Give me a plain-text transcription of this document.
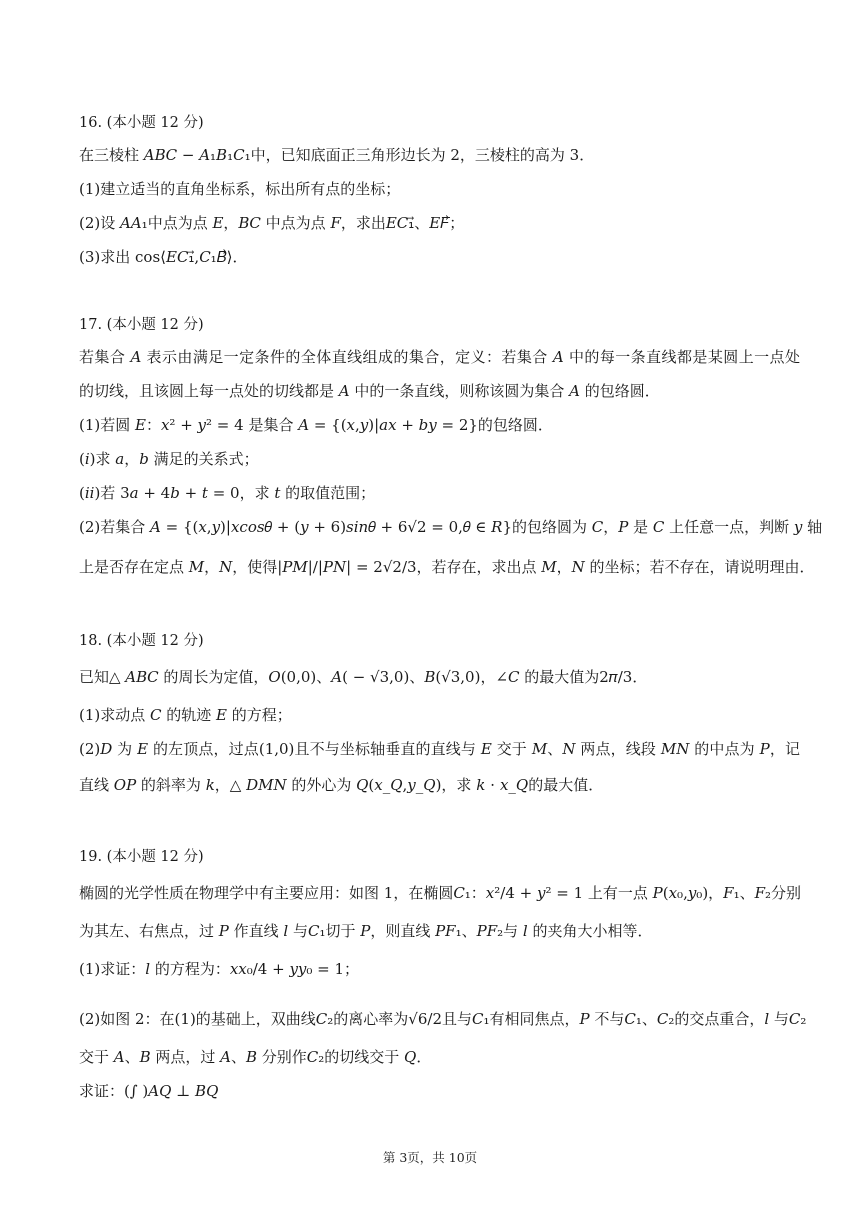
16. (本小题 12 分)
在三棱柱 𝐴𝐵𝐶 − 𝐴₁𝐵₁𝐶₁中，已知底面正三角形边长为 2，三棱柱的高为 3．
(1)建立适当的直角坐标系，标出所有点的坐标；
(2)设 𝐴𝐴₁中点为点 𝐸，𝐵𝐶 中点为点 𝐹，求出𝐸𝐶₁⃗、𝐸𝐹⃗；
(3)求出 cos⟨𝐸𝐶₁⃗,𝐶₁𝐵⃗⟩．
17. (本小题 12 分)
若集合 𝐴 表示由满足一定条件的全体直线组成的集合，定义：若集合 𝐴 中的每一条直线都是某圆上一点处
的切线，且该圆上每一点处的切线都是 𝐴 中的一条直线，则称该圆为集合 𝐴 的包络圆．
(1)若圆 𝐸：𝑥² + 𝑦² = 4 是集合 𝐴 = {(𝑥,𝑦)|𝑎𝑥 + 𝑏𝑦 = 2}的包络圆．
(𝑖)求 𝑎，𝑏 满足的关系式；
(𝑖𝑖)若 3𝑎 + 4𝑏 + 𝑡 = 0，求 𝑡 的取值范围；
(2)若集合 𝐴 = {(𝑥,𝑦)|𝑥𝑐𝑜𝑠𝜃 + (𝑦 + 6)𝑠𝑖𝑛𝜃 + 6√2 = 0,𝜃 ∈ 𝑅}的包络圆为 𝐶，𝑃 是 𝐶 上任意一点，判断 𝑦 轴
上是否存在定点 𝑀，𝑁，使得|𝑃𝑀|/|𝑃𝑁| = 2√2/3，若存在，求出点 𝑀，𝑁 的坐标；若不存在，请说明理由．
18. (本小题 12 分)
已知△ 𝐴𝐵𝐶 的周长为定值，𝑂(0,0)、𝐴( − √3,0)、𝐵(√3,0)，∠𝐶 的最大值为2𝜋/3．
(1)求动点 𝐶 的轨迹 𝐸 的方程；
(2)𝐷 为 𝐸 的左顶点，过点(1,0)且不与坐标轴垂直的直线与 𝐸 交于 𝑀、𝑁 两点，线段 𝑀𝑁 的中点为 𝑃，记
直线 𝑂𝑃 的斜率为 𝑘，△ 𝐷𝑀𝑁 的外心为 𝑄(𝑥_𝑄,𝑦_𝑄)，求 𝑘 ⋅ 𝑥_𝑄的最大值．
19. (本小题 12 分)
椭圆的光学性质在物理学中有主要应用：如图 1，在椭圆𝐶₁：𝑥²/4 + 𝑦² = 1 上有一点 𝑃(𝑥₀,𝑦₀)，𝐹₁、𝐹₂分别
为其左、右焦点，过 𝑃 作直线 𝑙 与𝐶₁切于 𝑃，则直线 𝑃𝐹₁、𝑃𝐹₂与 𝑙 的夹角大小相等．
(1)求证：𝑙 的方程为：𝑥𝑥₀/4 + 𝑦𝑦₀ = 1；
(2)如图 2：在(1)的基础上，双曲线𝐶₂的离心率为√6/2且与𝐶₁有相同焦点，𝑃 不与𝐶₁、𝐶₂的交点重合，𝑙 与𝐶₂
交于 𝐴、𝐵 两点，过 𝐴、𝐵 分别作𝐶₂的切线交于 𝑄．
求证：(∫ )𝐴𝑄 ⊥ 𝐵𝑄
第 3页，共 10页
